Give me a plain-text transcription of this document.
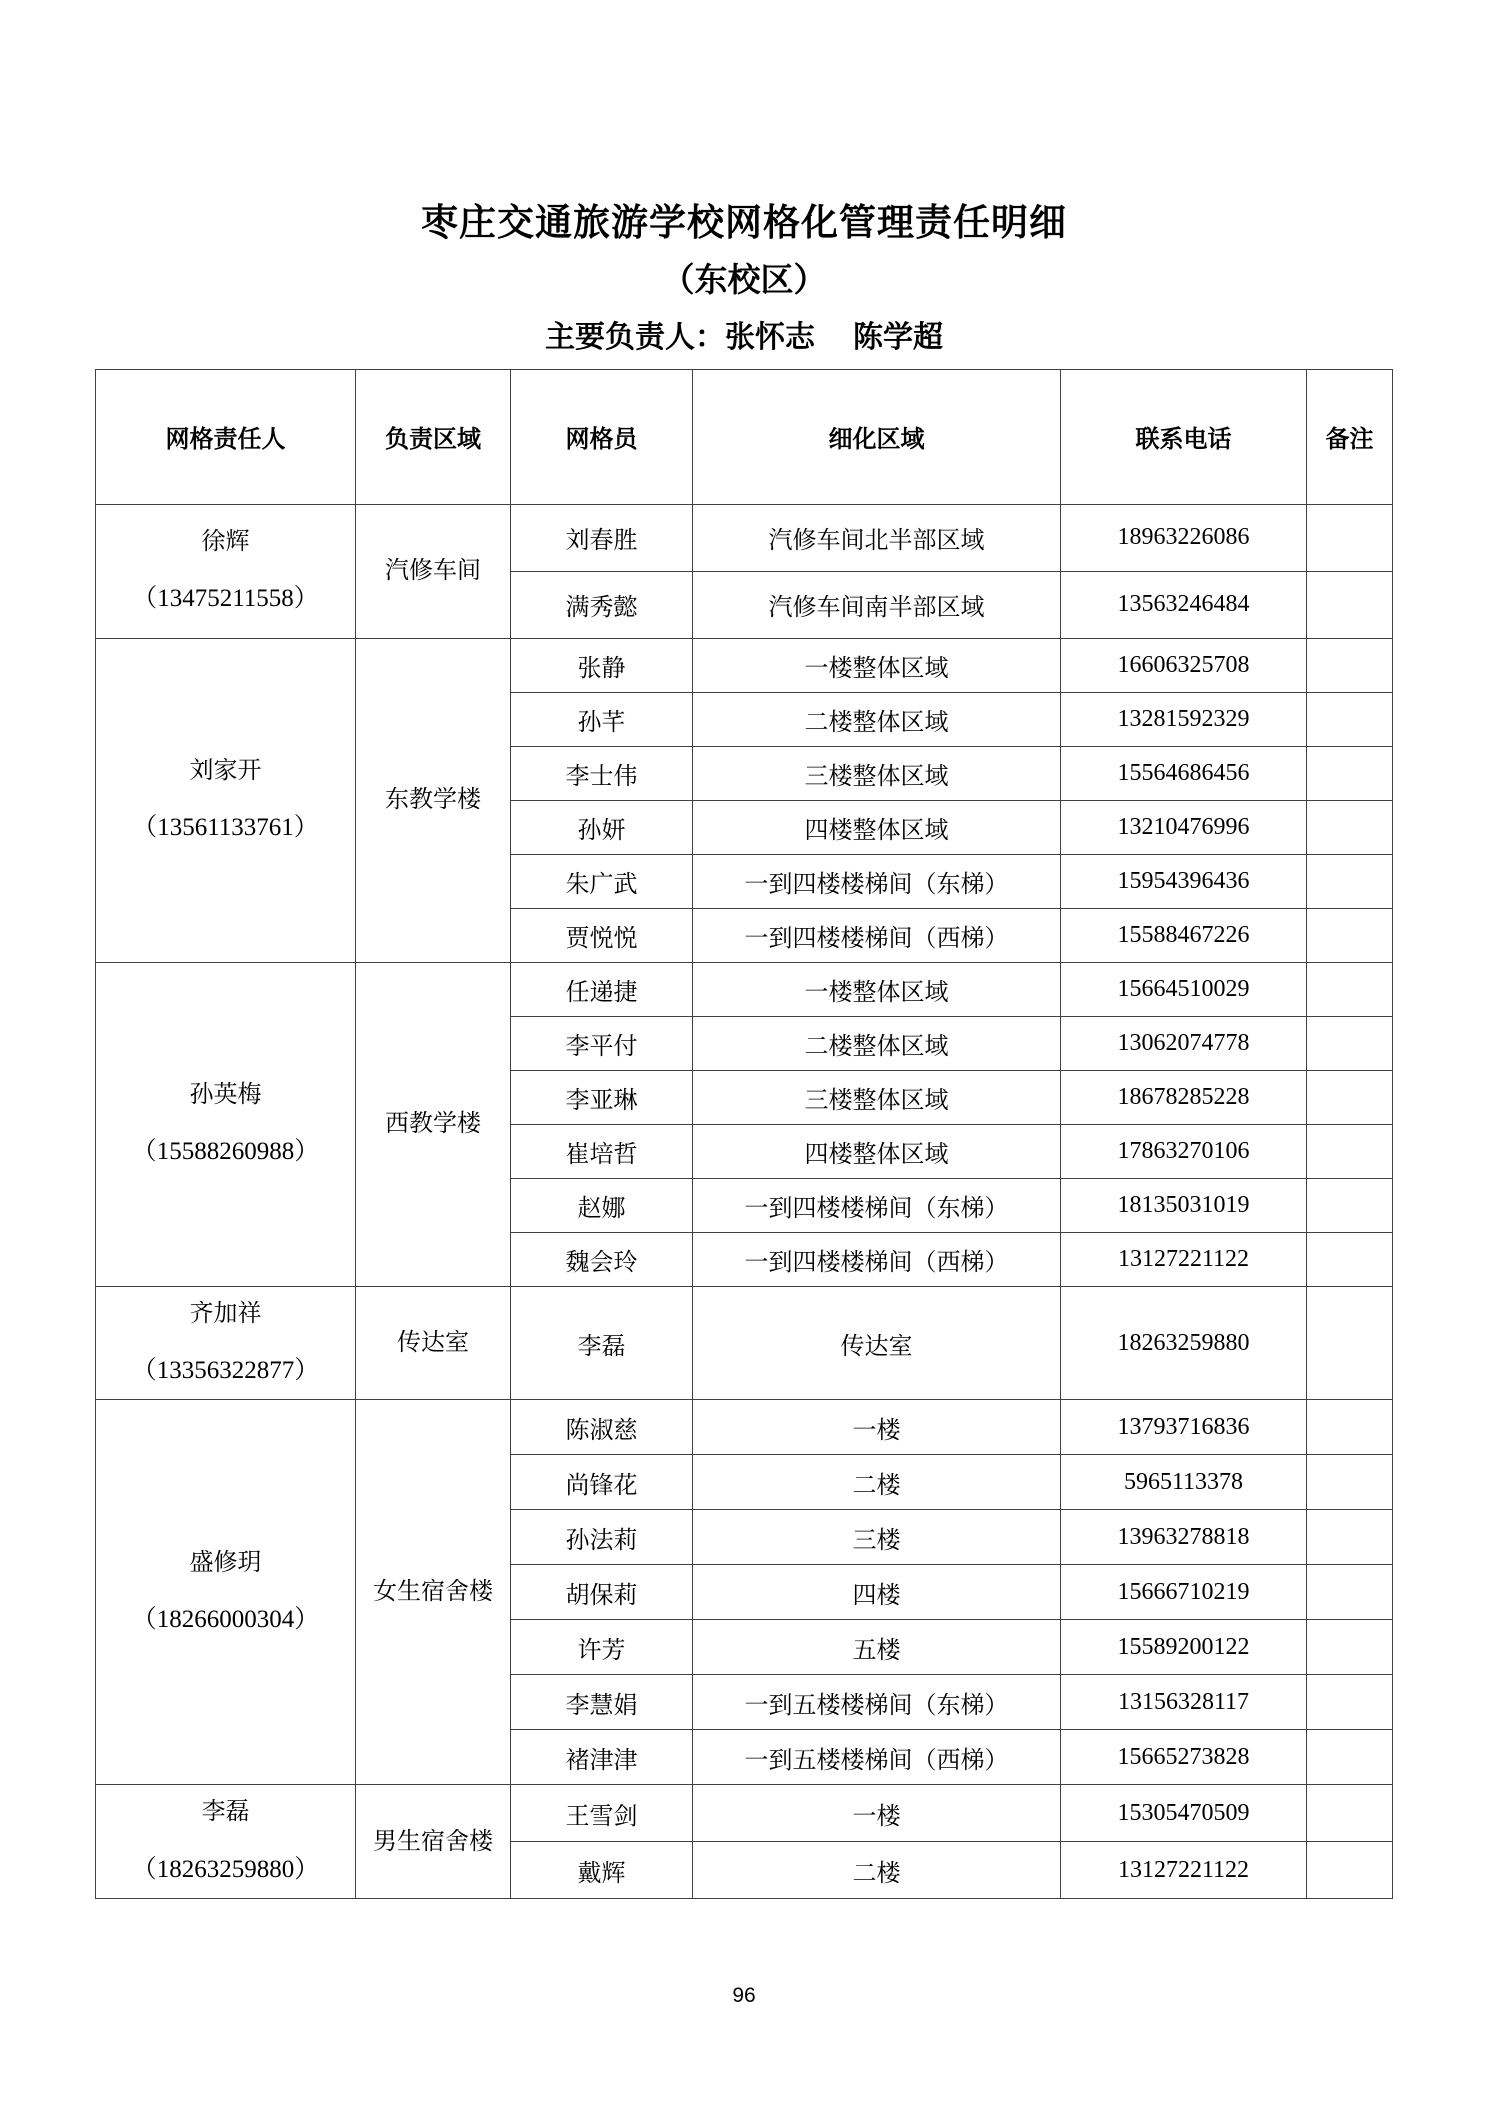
枣庄交通旅游学校网格化管理责任明细
（东校区）
主要负责人：张怀志 陈学超
网格责任人	负责区域	网格员	细化区域	联系电话	备注

徐辉
（13475211558）	汽修车间	刘春胜	汽修车间北半部区域	18963226086	
		满秀懿	汽修车间南半部区域	13563246484	

刘家开
（13561133761）	东教学楼	张静	一楼整体区域	16606325708	
		孙芊	二楼整体区域	13281592329	
		李士伟	三楼整体区域	15564686456	
		孙妍	四楼整体区域	13210476996	
		朱广武	一到四楼楼梯间（东梯）	15954396436	
		贾悦悦	一到四楼楼梯间（西梯）	15588467226	

孙英梅
（15588260988）	西教学楼	任递捷	一楼整体区域	15664510029	
		李平付	二楼整体区域	13062074778	
		李亚琳	三楼整体区域	18678285228	
		崔培哲	四楼整体区域	17863270106	
		赵娜	一到四楼楼梯间（东梯）	18135031019	
		魏会玲	一到四楼楼梯间（西梯）	13127221122	

齐加祥
（13356322877）	传达室	李磊	传达室	18263259880	

盛修玥
（18266000304）	女生宿舍楼	陈淑慈	一楼	13793716836	
		尚锋花	二楼	5965113378	
		孙法莉	三楼	13963278818	
		胡保莉	四楼	15666710219	
		许芳	五楼	15589200122	
		李慧娟	一到五楼楼梯间（东梯）	13156328117	
		褚津津	一到五楼楼梯间（西梯）	15665273828	

李磊
（18263259880）	男生宿舍楼	王雪剑	一楼	15305470509	
		戴辉	二楼	13127221122	
96
